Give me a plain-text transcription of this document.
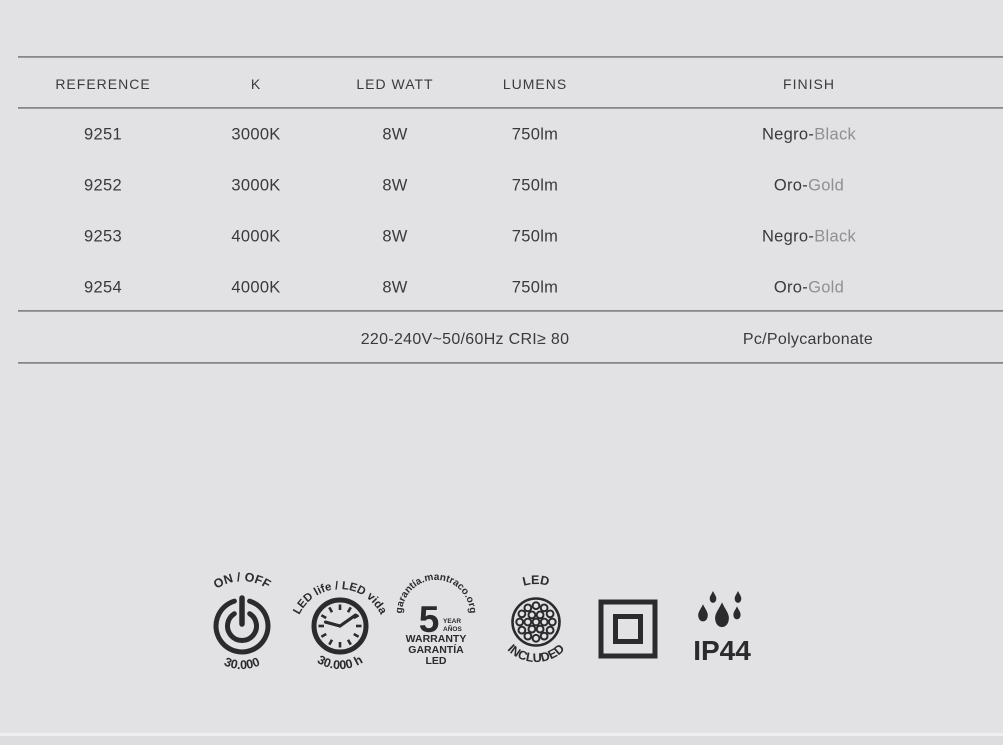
REFERENCE	K	LED WATT	LUMENS	FINISH
9251	3000K	8W	750lm	Negro-Black
9252	3000K	8W	750lm	Oro-Gold
9253	4000K	8W	750lm	Negro-Black
9254	4000K	8W	750lm	Oro-Gold
220-240V~50/60Hz CRI≥ 80	Pc/Polycarbonate
ON / OFF
30.000
LED life / LED vida
30.000 h
garantía.mantraco.org
5 YEAR
AÑOS
WARRANTY
GARANTÍA
LED
LED
INCLUDED	IP44
